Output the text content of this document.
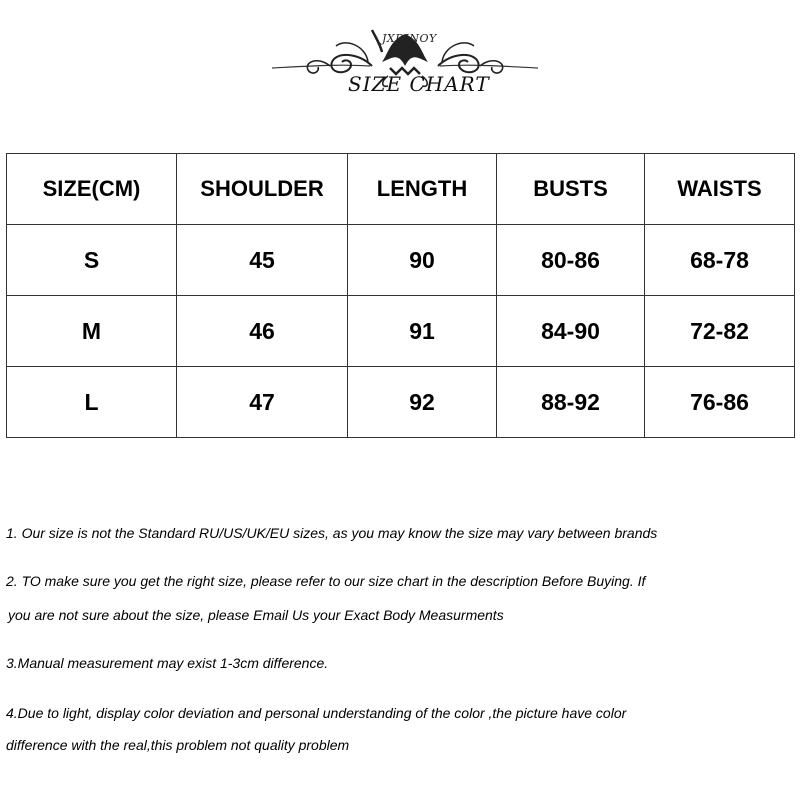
JXDINOY
SIZE CHART
SIZE(CM)	SHOULDER	LENGTH	BUSTS	WAISTS
S	45	90	80-86	68-78
M	46	91	84-90	72-82
L	47	92	88-92	76-86
1. Our size is not the Standard RU/US/UK/EU sizes, as you may know the size may vary between brands
2. TO make sure you get the right size, please refer to our size chart in the description Before Buying. If
you are not sure about the size, please Email Us your Exact Body Measurments
3.Manual measurement may exist 1-3cm difference.
4.Due to light, display color deviation and personal understanding of the color ,the picture have color
difference with the real,this problem not quality problem
